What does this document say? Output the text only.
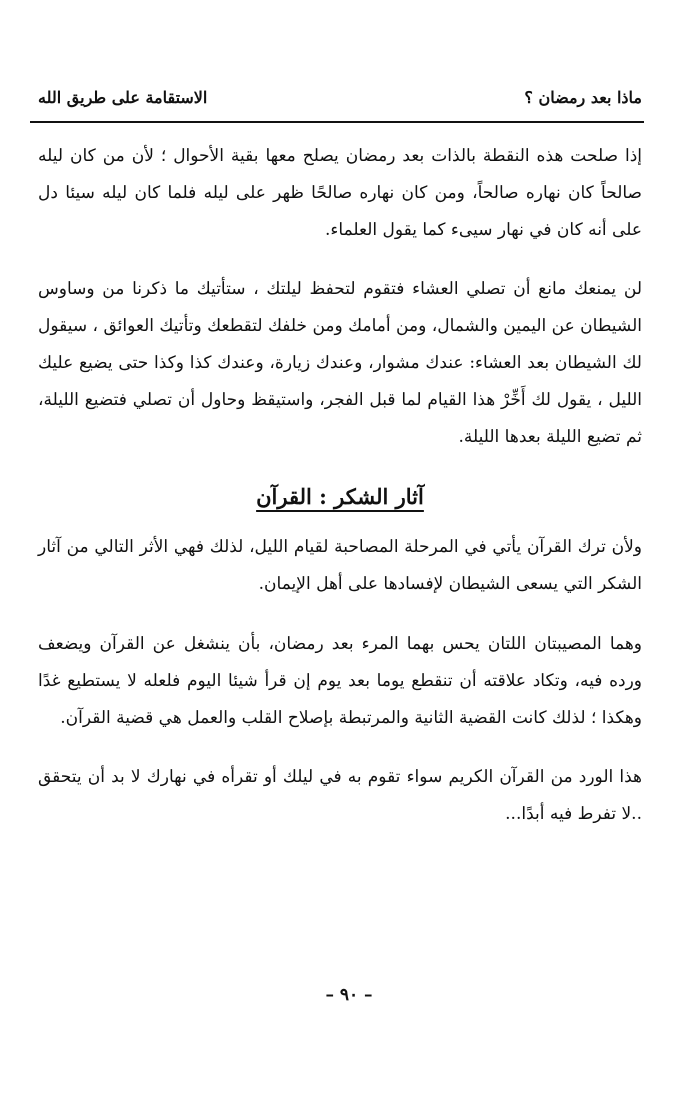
ماذا بعد رمضان ؟
الاستقامة على طريق الله

إذا صلحت هذه النقطة بالذات بعد رمضان يصلح معها بقية الأحوال ؛ لأن من كان ليله صالحاً كان نهاره صالحاً، ومن كان نهاره صالحًا ظهر على ليله فلما كان ليله سيئا دل على أنه كان في نهار سيىء كما يقول العلماء.

لن يمنعك مانع أن تصلي العشاء فتقوم لتحفظ ليلتك ، ستأتيك ما ذكرنا من وساوس الشيطان عن اليمين والشمال، ومن أمامك ومن خلفك لتقطعك وتأتيك العوائق ، سيقول لك الشيطان بعد العشاء: عندك مشوار، وعندك زيارة، وعندك كذا وكذا حتى يضيع عليك الليل ، يقول لك أَخِّرْ هذا القيام لما قبل الفجر، واستيقظ وحاول أن تصلي فتضيع الليلة، ثم تضيع الليلة بعدها الليلة.

آثار الشكر : القرآن

ولأن ترك القرآن يأتي في المرحلة المصاحبة لقيام الليل، لذلك فهي الأثر التالي من آثار الشكر التي يسعى الشيطان لإفسادها على أهل الإيمان.

وهما المصيبتان اللتان يحس بهما المرء بعد رمضان، بأن ينشغل عن القرآن ويضعف ورده فيه، وتكاد علاقته أن تنقطع يوما بعد يوم إن قرأ شيئا اليوم فلعله لا يستطيع غدًا وهكذا ؛ لذلك كانت القضية الثانية والمرتبطة بإصلاح القلب والعمل هي قضية القرآن.

هذا الورد من القرآن الكريم سواء تقوم به في ليلك أو تقرأه في نهارك لا بد أن يتحقق ..لا تفرط فيه أبدًا...

– ٩٠ –
